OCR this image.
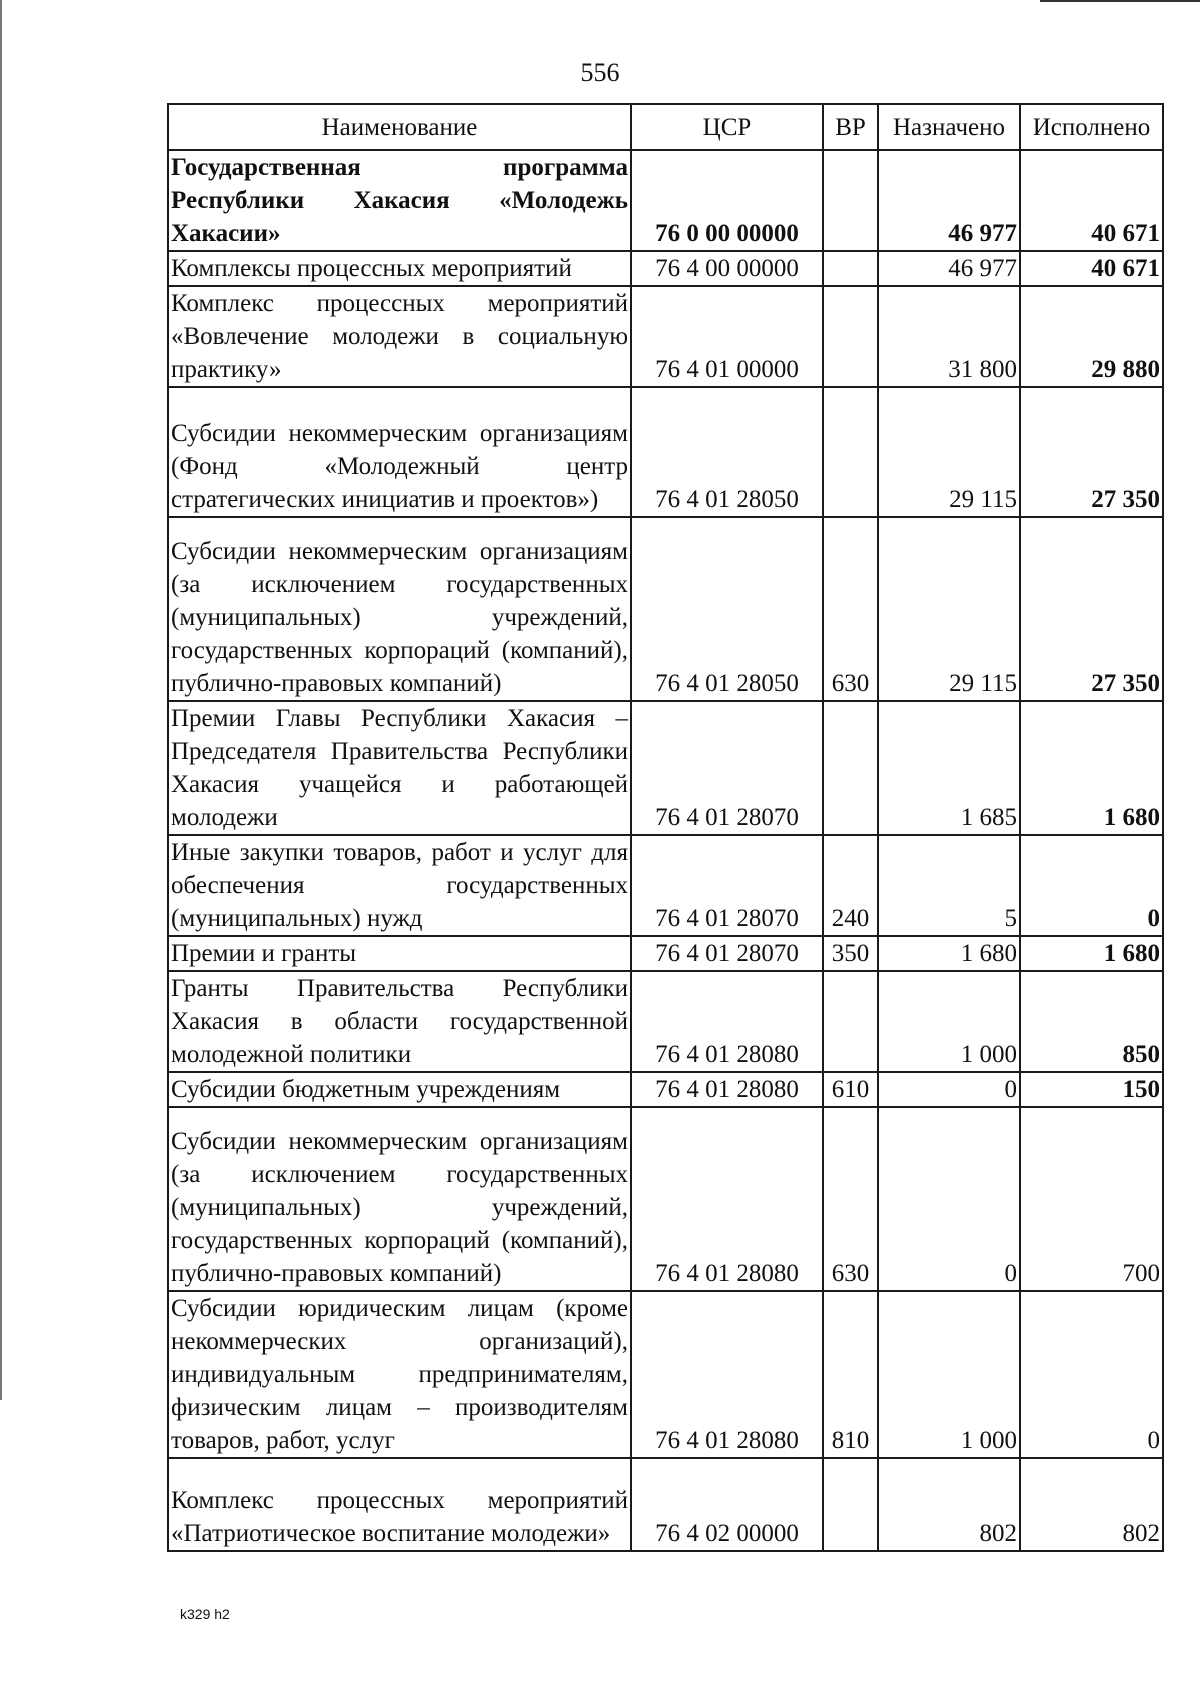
556
Наименование	ЦСР	ВР	Назначено	Исполнено
Государственная программа Республики Хакасия «Молодежь Хакасии»	76 0 00 00000		46 977	40 671
Комплексы процессных мероприятий	76 4 00 00000		46 977	40 671
Комплекс процессных мероприятий «Вовлечение молодежи в социальную практику»	76 4 01 00000		31 800	29 880
Субсидии некоммерческим организациям (Фонд «Молодежный центр стратегических инициатив и проектов»)	76 4 01 28050		29 115	27 350
Субсидии некоммерческим организациям (за исключением государственных (муниципальных) учреждений, государственных корпораций (компаний), публично-правовых компаний)	76 4 01 28050	630	29 115	27 350
Премии Главы Республики Хакасия – Председателя Правительства Республики Хакасия учащейся и работающей молодежи	76 4 01 28070		1 685	1 680
Иные закупки товаров, работ и услуг для обеспечения государственных (муниципальных) нужд	76 4 01 28070	240	5	0
Премии и гранты	76 4 01 28070	350	1 680	1 680
Гранты Правительства Республики Хакасия в области государственной молодежной политики	76 4 01 28080		1 000	850
Субсидии бюджетным учреждениям	76 4 01 28080	610	0	150
Субсидии некоммерческим организациям (за исключением государственных (муниципальных) учреждений, государственных корпораций (компаний), публично-правовых компаний)	76 4 01 28080	630	0	700
Субсидии юридическим лицам (кроме некоммерческих организаций), индивидуальным предпринимателям, физическим лицам – производителям товаров, работ, услуг	76 4 01 28080	810	1 000	0
Комплекс процессных мероприятий «Патриотическое воспитание молодежи»	76 4 02 00000		802	802
k329 h2
